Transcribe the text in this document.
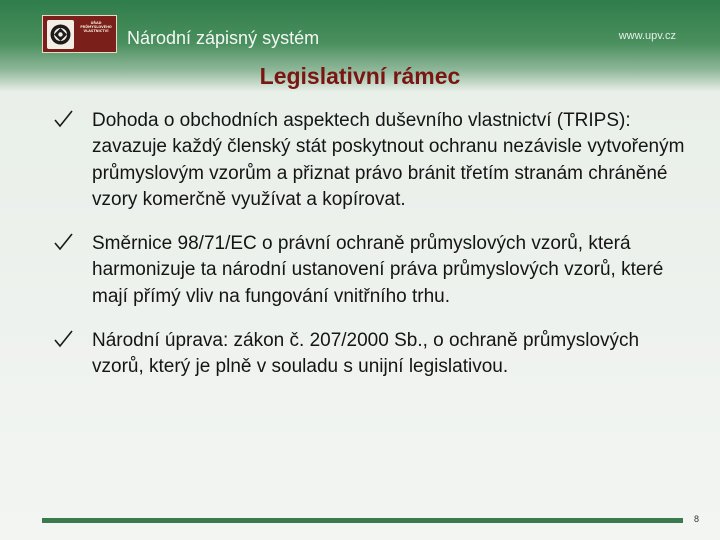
ÚŘAD
PRŮMYSLOVÉHO
VLASTNICTVÍ	Národní zápisný systém	www.upv.cz
Legislativní rámec
Dohoda o obchodních aspektech duševního vlastnictví (TRIPS): zavazuje každý členský stát poskytnout ochranu nezávisle vytvořeným průmyslovým vzorům a přiznat právo bránit třetím stranám chráněné vzory komerčně využívat a kopírovat.
Směrnice 98/71/EC o právní ochraně průmyslových vzorů, která harmonizuje ta národní ustanovení práva průmyslových vzorů, které mají přímý vliv na fungování vnitřního trhu.
Národní úprava: zákon č. 207/2000 Sb., o ochraně průmyslových vzorů, který je plně v souladu s unijní legislativou.
8
